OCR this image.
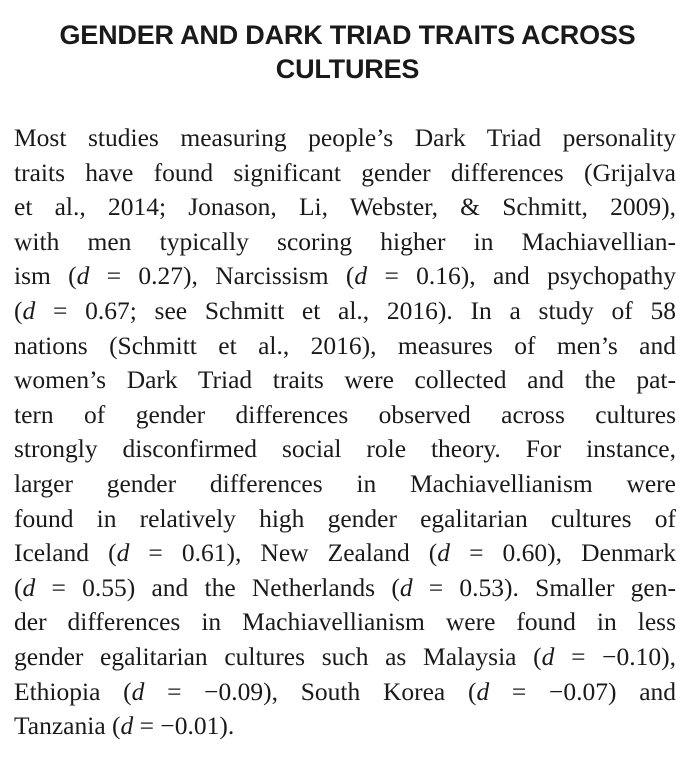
GENDER AND DARK TRIAD TRAITS ACROSS
CULTURES
Most studies measuring people’s Dark Triad personality
traits have found significant gender differences (Grijalva
et al., 2014; Jonason, Li, Webster, & Schmitt, 2009),
with men typically scoring higher in Machiavellian-
ism (d = 0.27), Narcissism (d = 0.16), and psychopathy
(d = 0.67; see Schmitt et al., 2016). In a study of 58
nations (Schmitt et al., 2016), measures of men’s and
women’s Dark Triad traits were collected and the pat-
tern of gender differences observed across cultures
strongly disconfirmed social role theory. For instance,
larger gender differences in Machiavellianism were
found in relatively high gender egalitarian cultures of
Iceland (d = 0.61), New Zealand (d = 0.60), Denmark
(d = 0.55) and the Netherlands (d = 0.53). Smaller gen-
der differences in Machiavellianism were found in less
gender egalitarian cultures such as Malaysia (d = −0.10),
Ethiopia (d = −0.09), South Korea (d = −0.07) and
Tanzania (d = −0.01).
